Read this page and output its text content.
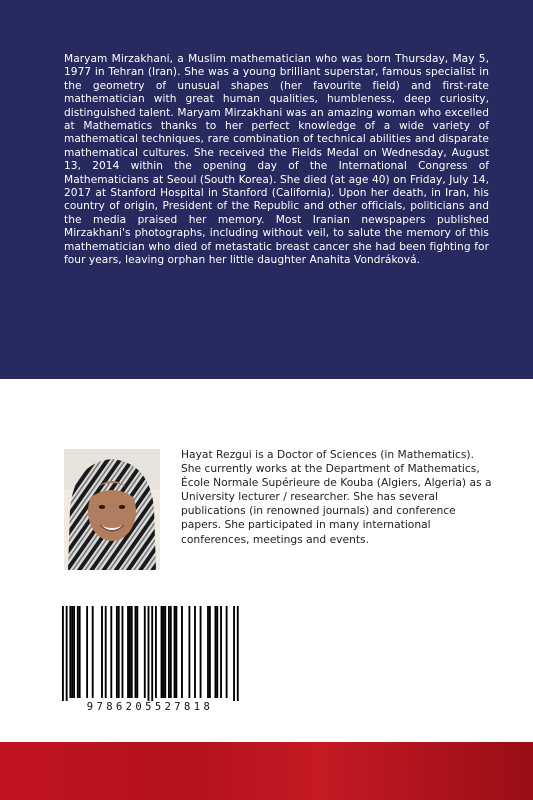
Maryam Mirzakhani, a Muslim mathematician who was born Thursday, May 5, 1977 in Tehran (Iran). She was a young brilliant superstar, famous specialist in the geometry of unusual shapes (her favourite field) and first-rate mathematician with great human qualities, humbleness, deep curiosity, distinguished talent. Maryam Mirzakhani was an amazing woman who excelled at Mathematics thanks to her perfect knowledge of a wide variety of mathematical techniques, rare combination of technical abilities and disparate mathematical cultures. She received the Fields Medal on Wednesday, August 13, 2014 within the opening day of the International Congress of Mathematicians at Seoul (South Korea). She died (at age 40) on Friday, July 14, 2017 at Stanford Hospital in Stanford (California). Upon her death, in Iran, his country of origin, President of the Republic and other officials, politicians and the media praised her memory. Most Iranian newspapers published Mirzakhani's photographs, including without veil, to salute the memory of this mathematician who died of metastatic breast cancer she had been fighting for four years, leaving orphan her little daughter Anahita Vondráková.

Hayat Rezgui is a Doctor of Sciences (in Mathematics). She currently works at the Department of Mathematics, École Normale Supérieure de Kouba (Algiers, Algeria) as a University lecturer / researcher. She has several publications (in renowned journals) and conference papers. She participated in many international conferences, meetings and events.

9786205527818
